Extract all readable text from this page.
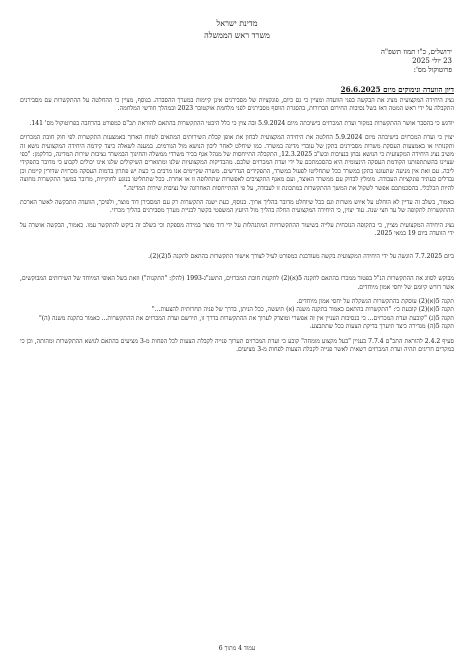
מדינת ישראל
משרד ראש הממשלה
ירושלים, כ"ו תמוז תשפ"ה
23 יולי 2025
פרוטוקול מס':
דיון הוועדה ונימוקים מיום 26.6.2025
נציג היחידה המקצועית מציג את הבקשה בפני הוועדה ומציין כי גם כיום, פונקציות של מסבירנים אינן קיימות במערך ההסברה. בנוסף, מציין כי ההחלטה על ההתקשרות עם מסבירנים התקבלה על ידי ראש המטה דאז בשל נסיבות החירום הברורות, בהסגרת הווסף מסבירנים לפני מלחמת אוקטובר 2023 ובמהלך חודשי המלחמה.
יודגש כי בהסבר אושר ההתקשרות במקור ועדת המכרזים בישיבתה מיום 5.9.2024 ובה צוין כי כלל היבטי ההתקשרות בהתאם להוראת תכ"ם כמפורט בהרחבה בפרוטוקול מס' 141.
יצוין כי ועדת המכרזים בישיבתה מיום 5.9.2024 החלטה את היחידה המקצועית לבחון את אופן קבלת השירותים המתאים לטווח הארוך באמצעות התקשרות לפי חוק חובת המכרזים ותקנותיו או באמצעות העסקת משרות מסבירנים בתקן של עובדי מדינה במשרד. כמו שיחלט לאחר ליבון הנושא מול הגורמים. במענה לשאלה כיצד קידמה היחידה המקצועית נושא זה משיב נציג היחידה המקצועית כי הנושא נבחן בנציבות ובש"ב 12.3.2025, התקבלה התייחסות של מנהל אגף בכיר משרדי ממשלה והחינוך הבמשרד נציבות שירות המדינה, כדלקמן: "כפי שציינו בהשתתפותנו הקודמת העסקה הינעומית היא בהסכמתכם על ידי ועדת המכרזים שלכם. מהבדיקות המקצועיות שלנו ומתוארים השיקולים שלנו אינו יכולים לקבוע כי מדובר בתפקידי ליבה. עם זאת אין מניעה שתעוגנו בתקן במשרד ככל שתחליטו לפעול במשרד, התפקידים הנדרשים. משרה שקיימים אנו מרבים כי כעת יש פתרון בדמות העסקה מכרזית שדורין קיימת וכן נבדלים בעתיד פונקציות העבודה. מומלץ לבדוק עם ממשרד האוצר, ועם מאגף התקציבים לאפשרות שתחלופה זו או אחרת. ככל שתחליטו בנוגע לחוקייות, מדובר במשך התקשרות מחוצה להיות הכלכלי. בהסכמתכם אפשר לשקול את המשך ההתקשרות במתכונת זו לעבודה, על פי ההתייחסות האחרונה של נציבות שירות המדינה."
כאמור, בשלב זה עדיין לא הוחלט על איוש משרות וגם ככל שיוחלט מדובר בהליך ארוך. בנוסף, כעת ישנה התקשרות רק עם המסבירן דוד מוצר, ולפיכך, הוועדה התבקשה לאשר הארכת ההתקשרות לתקופה של עד חצי שנה. עוד יצוין, כי היחידה המקצועית החלה בהליך מול היועץ המשפטי בקשר לבניית מערך מסבירנים בהליך מכרזי.
נציג היחידה המקצועית מציין, כי בתקופה הנוכחית עלייה בשיעור ההתקשרויות המתנהלות על ידי דוד מוצר במידה מספקת וכי בשלב זה ביקש להתקשר עמו. כאמור, הבקשה אושרה על ידי הוועדה ביום 19 במאי 2025.
ביום 7.7.2025 הוגשה על ידי היחידה המקצועית בקשה מעודכנת כמפורט לעיל לצורך אישור התקשרות בהתאם לתקנה 5(2)(2).
מבוקש לסווג את ההתקשרות הנ"ל בפטור ממכרז בהתאם לתקנה 5(א)(2) לתקנות חובת המכרזים, התשנ"ג-1993 (להלן: "התקנות") וזאת בשל האופי המיוחד של השירותים המבוקשים, אשר דורש קיומם של יחסי אמון מיוחדים.
תקנה 5(א)(2) עוסקת בהתקשרות הנשקלת על יחסי אמון מיוחדים.
תקנה 5(א)(2) קובעת כי: "התקשרות בהתאם כאמור בתקנה משנה (א) תיעשה, ככל הניתן, בדרך של פניה תחרותית להצעות..."
תקנה 5(ג) "קובעת ועדת המכרזים... כי בנסיבות העניין אין זה אפשרי ומוצדק לערוך את ההתקשרות בדרך זו, תירשם ועדת המכרזים את ההתקשרות... כאמור בתקנת משנה (ה)"
תקנה 5(ה) מגדירה כיצד תיערך בדיקת הצעות ככל שתתבצע.
סעיף 2.4.2 להוראת התכ"ם 7.7.4 בעניין "בעל מקצוע מומחה" קובע כי ועדת המכרזים תערוך פנייה לקבלת הצעות לכל הפחות מ-3 מציעים בהתאם לנושא ההתקשרות ומהותה, וכן כי במקרים חריגים תהיה ועדת המכרזים רשאית לאשר פנייה לקבלת הצעות לפחות מ-3 מציעים.
עמוד 4 מתוך 6
